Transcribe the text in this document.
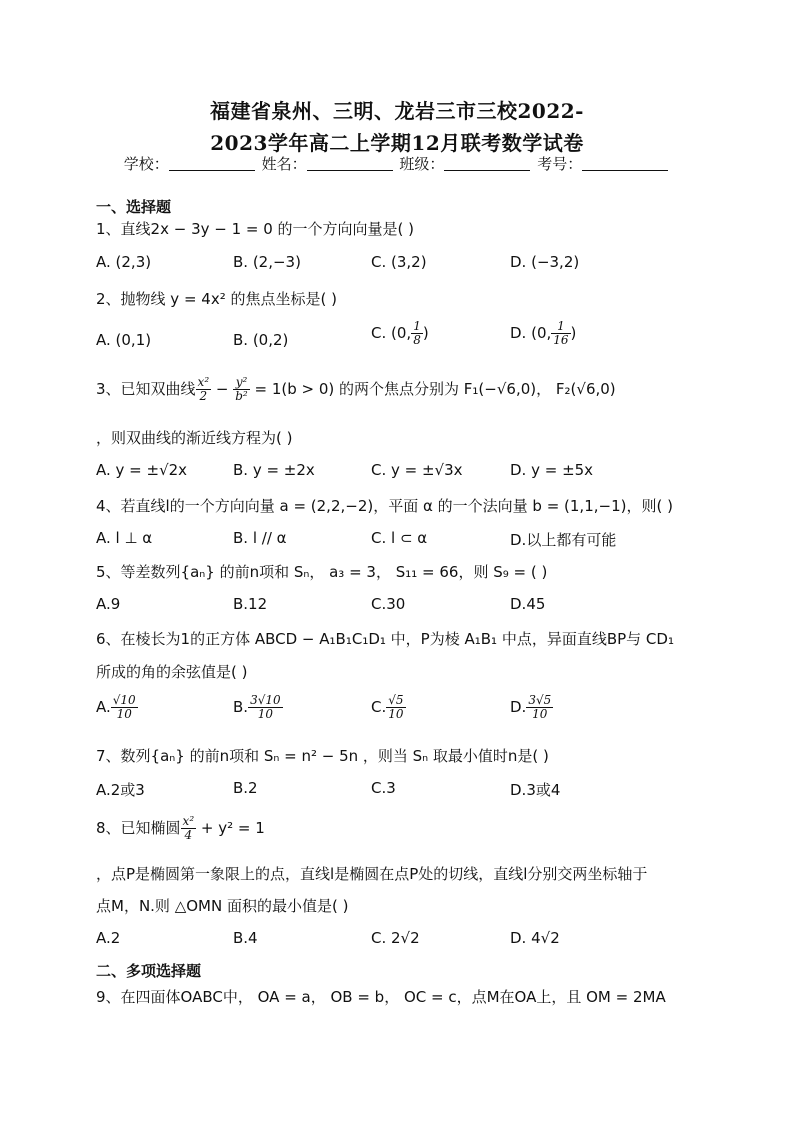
福建省泉州、三明、龙岩三市三校2022-
2023学年高二上学期12月联考数学试卷
学校：	姓名：	班级：	考号：
一、选择题
1、直线2x − 3y − 1 = 0 的一个方向向量是( )
A. (2,3)	B. (2,−3)	C. (3,2)	D. (−3,2)
2、抛物线 y = 4x² 的焦点坐标是( )
A. (0,1)	B. (0,2)	C. (0, $\frac{1}{8}$ )	D. (0, $\frac{1}{16}$ )
3、已知双曲线 $\frac{\text{x²}}{2} - \frac{\text{y²}}{\text{b²}} = 1(b > 0)$ 的两个焦点分别为 F₁(−√6,0)， F₂(√6,0)
，则双曲线的渐近线方程为( )
A. y = ±√2x	B. y = ±2x	C. y = ±√3x	D. y = ±5x
4、若直线l的一个方向向量 a = (2,2,−2)，平面 α 的一个法向量 b = (1,1,−1)，则( )
A. l ⊥ α	B. l // α	C. l ⊂ α	D.以上都有可能
5、等差数列{aₙ} 的前n项和 Sₙ， a₃ = 3， S₁₁ = 66，则 S₉ = ( )
A.9	B.12	C.30	D.45
6、在棱长为1的正方体 ABCD − A₁B₁C₁D₁ 中，P为棱 A₁B₁ 中点，异面直线BP与 CD₁
所成的角的余弦值是( )
A. $\frac{√10}{10}$	B. $\frac{3√10}{10}$	C. $\frac{√5}{10}$	D. $\frac{3√5}{10}$
7、数列{aₙ} 的前n项和 Sₙ = n² − 5n ，则当 Sₙ 取最小值时n是( )
A.2或3	B.2	C.3	D.3或4
8、已知椭圆 $\frac{\text{x²}}{4} + y^2 = 1$
，点P是椭圆第一象限上的点，直线l是椭圆在点P处的切线，直线l分别交两坐标轴于
点M，N.则 △OMN 面积的最小值是( )
A.2	B.4	C. 2√2	D. 4√2
二、多项选择题
9、在四面体OABC中， OA = a， OB = b， OC = c，点M在OA上，且 OM = 2MA
